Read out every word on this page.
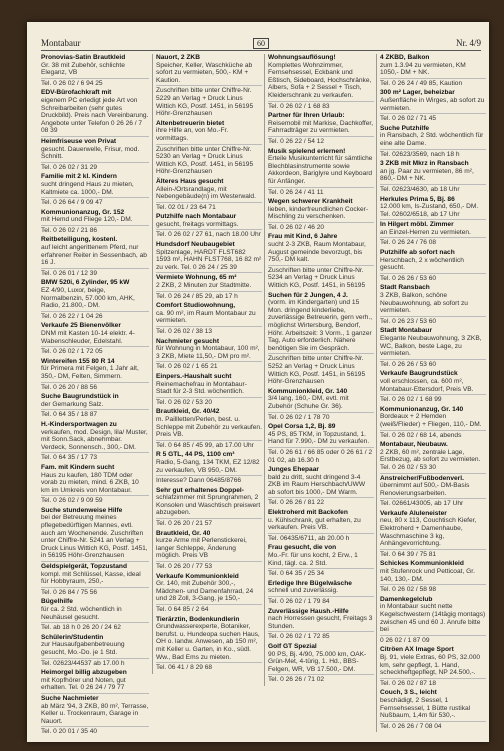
Montabaur	60	Nr. 4/9
Pronovias-Satin Brautkleid
Gr. 38 mit Zubehör, schlichte Eleganz, VB
Tel. 0 26 02 / 6 94 25
EDV-Bürofachkraft mit
eigenem PC erledigt jede Art von Schreibarbeiten (sehr gutes Druckbild). Preis nach Vereinbarung. Angebote unter Telefon 0 26 26 / 7 08 39
Heimfriseuse von Privat
gesucht. Dauerwelle, Frisur, mod. Schnitt.
Tel. 0 26 02 / 31 29
Familie mit 2 kl. Kindern
sucht dringend Haus zu mieten, Kaltmiete ca. 1000,- DM.
Tel. 0 26 64 / 9 09 47
Kommunionanzug, Gr. 152
mit Hemd und Fliege 120,- DM.
Tel. 0 26 02 / 21 86
Reitbeteiligung, kostenl.
auf leicht angerittenem Pferd, nur erfahrener Reiter in Sessenbach, ab 16 J.
Tel. 0 26 01 / 12 39
BMW 520i, 6 Zylinder, 95 kW
EZ 4/90, Luxor, beige, Normalbenzin, 57.000 km, AHK, Radio, 21.800,- DM.
Tel. 0 26 22 / 1 04 26
Verkaufe 25 Bienenvölker
DNM mit Kasten 10-14 elektr. 4-Wabenschleuder, Edelstahl.
Tel. 0 26 02 / 1 72 05
Wintereifen 155 80 R 14
für Primera mit Felgen, 1 Jahr alt, 350,- DM, Felten, Simmern.
Tel. 0 26 20 / 88 56
Suche Baugrundstück in
der Gemarkung Salz.
Tel. 0 64 35 / 18 87
H.-Kindersportwagen zu
verkaufen, mod. Design, lila/ Muster, mit Sonn.Sack, abnehmbar. Verdeck, Sonnensch., 300,- DM.
Tel. 0 64 35 / 17 73
Fam. mit Kindern sucht
Haus zu kaufen, 180 TDM oder vorab zu mieten, mind. 6 ZKB, 10 km im Umkreis von Montabaur.
Tel. 0 26 02 / 9 09 59
Suche stundenweise Hilfe
bei der Betreuung meines pflegebedürftigen Mannes, evtl. auch am Wochenende. Zuschriften unter Chiffre-Nr. 5241 an Verlag + Druck Linus Wittich KG, Postf. 1451, in 56195 Höhr-Grenzhausen
Geldspielgerät, Topzustand
kompl. mit Schlüssel, Kasse, ideal für Hobbyraum, 250,-
Tel. 0 26 84 / 75 56
Bügelhilfe
für ca. 2 Std. wöchentlich in Neuhäusel gesucht.
Tel. ab 18 h 0 26 20 / 24 62
Schülerin/Studentin
zur Hausaufgabenbetreuung gesucht, Mo.-Do. je 1 Std.
Tel. 02623/44537 ab 17.00 h
Heimorgel billig abzugeben
mit Kopfhörer und Noten, gut erhalten. Tel. 0 26 24 / 79 77
Suche Nachmieter
ab März '94, 3 ZKB, 80 m², Terrasse, Keller u. Trockenraum, Garage in Nauort.
Tel. 0 20 01 / 35 40
Nauort, 2 ZKB
Speicher, Keller, Waschküche ab sofort zu vermieten, 500,- KM + Kaution.
Zuschriften bitte unter Chiffre-Nr. 5229 an Verlag + Druck Linus Wittich KG, Postf. 1451, in 56195 Höhr-Grenzhausen
Altenbetreuerin bietet
ihre Hilfe an, von Mo.-Fr. vormittags.
Zuschriften bitte unter Chiffre-Nr. 5230 an Verlag + Druck Linus Wittich KG, Postf. 1451, in 56195 Höhr-Grenzhausen
Älteres Haus gesucht
Allein-/Ortsrandlage, mit Nebengebäude(n) im Westerwald.
Tel. 02 01 / 23 64 71
Putzhilfe nach Montabaur
gesucht, freitags vormittags.
Tel. 0 26 02 / 27 61, nach 18.00 Uhr
Hundsdorf Neubaugebiet
Spitzenlage, HARDT FLST682 1593 m², HAHN FLST768, 16 82 m² zu verk. Tel. 0 26 24 / 25 39
Vermiete Wohnung, 65 m²
2 ZKB, 2 Minuten zur Stadtmitte.
Tel. 0 26 24 / 85 29, ab 17 h
Comfort Studiowohnung,
ca. 90 m², im Raum Montabaur zu vermieten.
Tel. 0 26 02 / 38 13
Nachmieter gesucht
für Wohnung in Montabaur, 100 m², 3 ZKB, Miete 11,50,- DM pro m².
Tel. 0 26 02 / 1 65 21
Einpers.-Haushalt sucht
Reinemachefrau in Montabaur-Stadt für 2-3 Std. wöchentlich.
Tel. 0 26 02 / 53 20
Brautkleid, Gr. 40/42
m. Paillletten/Perlen, best. u. Schleppe mit Zubehör zu verkaufen. Preis VB.
Tel. 0 64 85 / 45 99, ab 17.00 Uhr
R 5 GTL, 44 PS, 1100 cm³
Radio, 5-Gang, 134 TKM, EZ 12/82 zu verkaufen, VB 950,- DM.
Interesse? Dann 06485/8766
Sehr gut erhaltenes Doppel-
schlafzimmer mit Sprungrahmen, 2 Konsolen und Waschtisch preiswert abzugeben.
Tel. 0 26 20 / 21 57
Brautkleid, Gr. 40
kurze Arme mit Perlenstickerei, langer Schleppe, Änderung möglich. Preis VB
Tel. 0 26 20 / 77 53
Verkaufe Kommunionkleid
Gr. 140, mit Zubehör 300,-, Mädchen- und Damenfahrrad, 24 und 28 Zoll, 3-Gang, je 150,-
Tel. 0 64 85 / 2 64
Tierärztin, Bodenkundlerin
Grundwasserexperte, Botaniker, berufst. u. Hundeopa suchen Haus, OH o. landw. Anwesen, ab 150 m², mit Keller u. Garten, in Ko., südl. Ww., Bad Ems zu mieten.
Tel. 06 41 / 8 29 68
Wohnungsauflösung!
Komplettes Wohnzimmer, Fernsehsessel, Eckbank und Eßtisch, Sideboard, Hochschränke, Albers, Sofa + 2 Sessel + Tisch, Kleiderschrank zu verkaufen.
Tel. 0 26 02 / 1 68 83
Partner für Ihren Urlaub:
Reisemobil mit Markise, Dachkoffer, Fahrradträger zu vermieten.
Tel. 0 26 22 / 54 12
Musik spielend erlernen!
Erteile Musikunterricht für sämtliche Blechblasinstrumente sowie Akkordeon, Bariglyre und Keyboard für Anfänger.
Tel. 0 26 24 / 41 11
Wegen schwerer Krankheit
lieben, kinderfreundlichen Cocker-Mischling zu verschenken.
Tel. 0 26 02 / 46 20
Frau mit Kind, 6 Jahre
sucht 2-3 ZKB, Raum Montabaur, August gemeinde bevorzugt, bis 750,- DM kalt.
Zuschriften bitte unter Chiffre-Nr. 5234 an Verlag + Druck Linus Wittich KG, Postf. 1451, in 56195
Suchen für 2 Jungen, 4 J.
(vorm. im Kindergarten) und 15 Mon. dringend kinderliebe, zuverlässige Betreuerin, gern verh., möglichst Wirtersburg, Bendorf, Höhr. Arbeitszeit: 3 Vorm., 1 ganzer Tag, Auto erforderlich. Nähere benötigen Sie im Gespräch.
Zuschriften bitte unter Chiffre-Nr. 5252 an Verlag + Druck Linus Wittich KG, Postf. 1451, in 56195 Höhr-Grenzhausen
Kommunionkleid, Gr. 140
3/4 lang, 160,- DM, evtl. mit Zubehör (Schuhe Gr. 36).
Tel. 0 26 02 / 1 78 70
Opel Corsa 1,2, Bj. 89
45 PS, 85 TKM, in Topzustand, 1. Hand für 7.990,- DM zu verkaufen.
Tel. 0 26 61 / 66 85 oder 0 26 61 / 2 01 02, ab 16.30 h
Junges Ehepaar
bald zu dritt, sucht dringend 3-4 ZKB im Raum Herschbach/UWW ab sofort bis 1000,- DM Warm.
Tel. 0 26 26 / 81 22
Elektroherd mit Backofen
u. Kühlschrank, gut erhalten, zu verkaufen. Preis VB.
Tel. 06435/6711, ab 20.00 h
Frau gesucht, die von
Mo.-Fr. für uns kocht, 2 Erw., 1 Kind, tägl. ca. 2 Std.
Tel. 0 64 35 / 25 34
Erledige Ihre Bügelwäsche
schnell und zuverlässig.
Tel. 0 26 02 / 1 79 84
Zuverlässige Haush.-Hilfe
nach Horressen gesucht, Freitags 3 Stunden.
Tel. 0 26 02 / 1 72 85
Golf GT Spezial
90 PS, Bj. 4/90, 75.000 km, OAK-Grün-Met, 4-türig, 1. Hd., BBS-Felgen, WR, VB 17.500,- DM.
Tel. 0 26 26 / 71 02
4 ZKBD, Balkon
zum 1.3.94 zu vermieten, KM 1050,- DM + NK.
Tel. 0 26 24 / 49 85, Kaution
300 m² Lager, beheizbar
Außenfläche in Wirges, ab sofort zu vermieten.
Tel. 0 26 02 / 71 45
Suche Putzhilfe
in Ransbach, 2 Std. wöchentlich für eine alte Dame.
Tel. 02623/3569, nach 18 h
3 ZKB mit Mkrz in Ransbach
an jg. Paar zu vermieten, 86 m², 860,- DM + NK.
Tel. 02623/4630, ab 18 Uhr
Herkules Prima 5, Bj. 86
12.000 km, Is-Zustand, 650,- DM. Tel. 02602/6518, ab 17 Uhr
In Hilgert möbl. Zimmer
an Einzel-Herren zu vermieten.
Tel. 0 26 24 / 76 08
Putzhilfe ab sofort nach
Herschbach, 2 x wöchentlich gesucht.
Tel. 0 26 26 / 53 60
Stadt Ransbach
3 ZKB, Balkon, schöne Neubauwohnung, ab sofort zu vermieten.
Tel. 0 26 23 / 53 60
Stadt Montabaur
Elegante Neubauwohnung, 3 ZKB, WC, Balkon, beste Lage, zu vermieten.
Tel. 0 26 26 / 53 60
Verkaufe Baugrundstück
voll erschlossen, ca. 600 m², Montabaur-Ettersdorf, Preis VB.
Tel. 0 26 02 / 1 68 99
Kommunionanzug, Gr. 140
Bordeaux + 2 Hemden (weiß/Flieder) + Fliegen, 110,- DM.
Tel. 0 26 02 / 68 14, abends
Montabaur, Neubauw.
2 ZKB, 60 m², zentrale Lage, Erstbezug, ab sofort zu vermieten. Tel. 0 26 02 / 53 30
Anstreicher/Fußbodenverl.
übernimmt auf 500,- DM-Basis Renovierungsarbeiten.
Tel. 02661/43005, ab 17 Uhr
Verkaufe Aluleneister
neu, 80 x 113, Couchtisch Kiefer, Elektroherd + Damenhaube, Waschmaschine 3 kg, Anhängevorrichtung.
Tel. 0 64 39 / 75 81
Schickes Kommunionkleid
mit Stufenrock und Petticoat, Gr. 140, 130,- DM.
Tel. 0 26 02 / 58 98
Damenkegelclub
in Montabaur sucht nette Kegelschwestern (14tägig montags) zwischen 45 und 60 J. Anrufe bitte bei
0 26 02 / 1 87 09
Citröen AX Image Sport
Bj. 91, viele Extras, 60 PS, 32.000 km, sehr gepflegt, 1. Hand, scheckheftgepflegt, NP 24.500,-.
Tel. 0 26 02 / 87 18
Couch, 3 S., leicht
beschädigt, 2 Sessel, 1 Fernsehsessel, 1 Bütte rustikal Nußbaum, 1,4m für 530,-.
Tel. 0 26 26 / 7 08 04
